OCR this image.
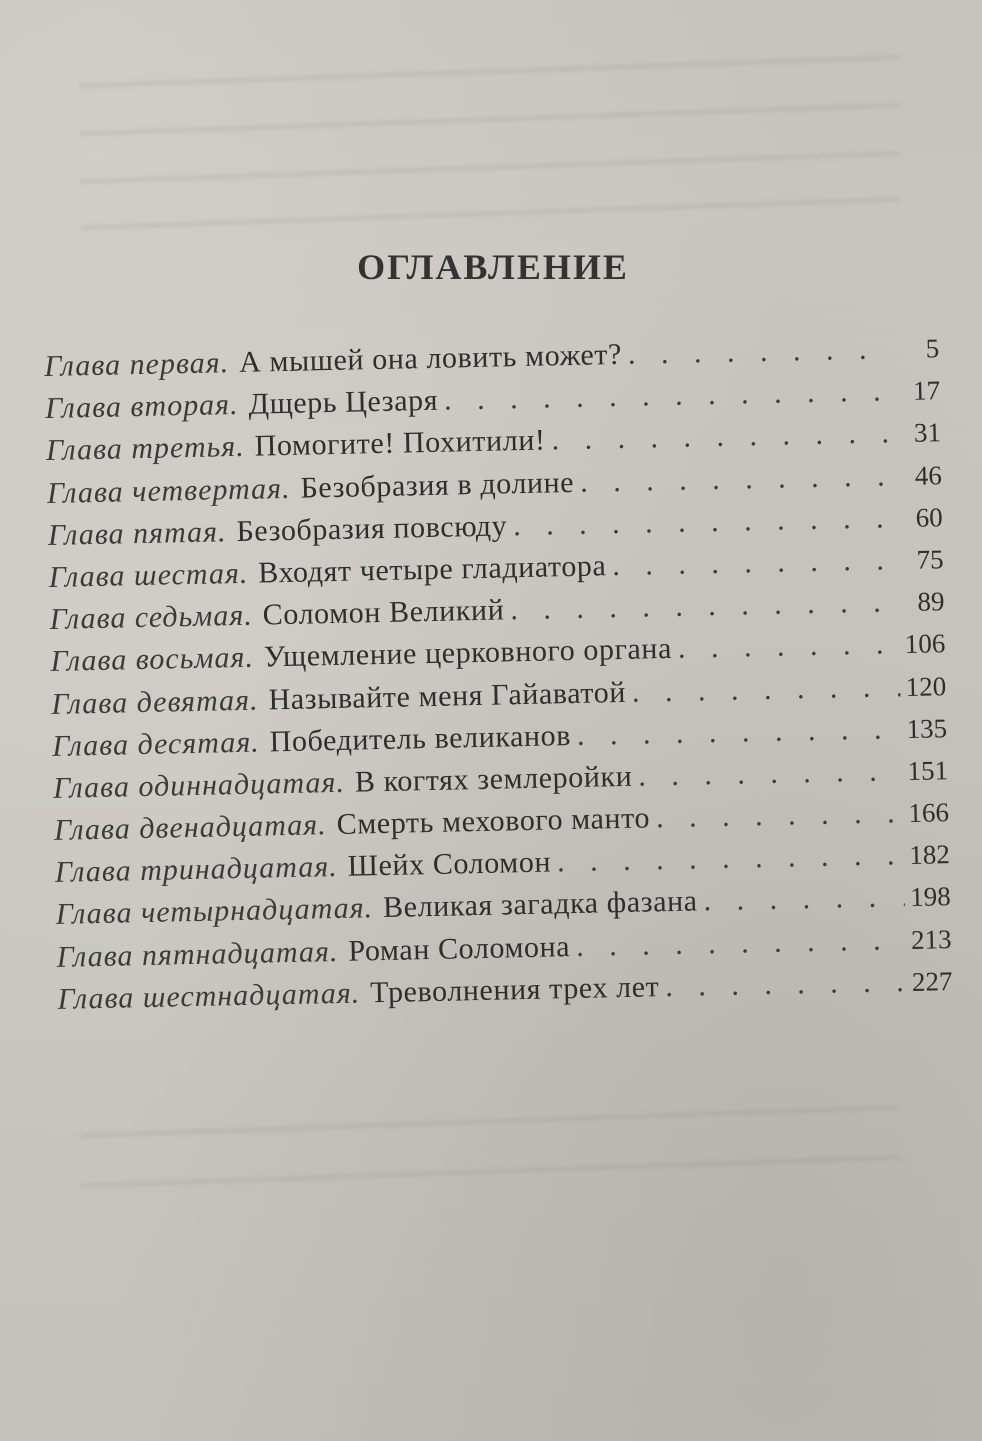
ОГЛАВЛЕНИЕ
Глава первая. А мышей она ловить может? . . .	5
Глава вторая. Дщерь Цезаря . . .	17
Глава третья. Помогите! Похитили! . . .	31
Глава четвертая. Безобразия в долине . . .	46
Глава пятая. Безобразия повсюду . . .	60
Глава шестая. Входят четыре гладиатора . . .	75
Глава седьмая. Соломон Великий . . .	89
Глава восьмая. Ущемление церковного органа . . .	106
Глава девятая. Называйте меня Гайаватой . . .	120
Глава десятая. Победитель великанов . . .	135
Глава одиннадцатая. В когтях землеройки . . .	151
Глава двенадцатая. Смерть мехового манто . . .	166
Глава тринадцатая. Шейх Соломон . . .	182
Глава четырнадцатая. Великая загадка фазана . . .	198
Глава пятнадцатая. Роман Соломона . . .	213
Глава шестнадцатая. Треволнения трех лет . . .	227
